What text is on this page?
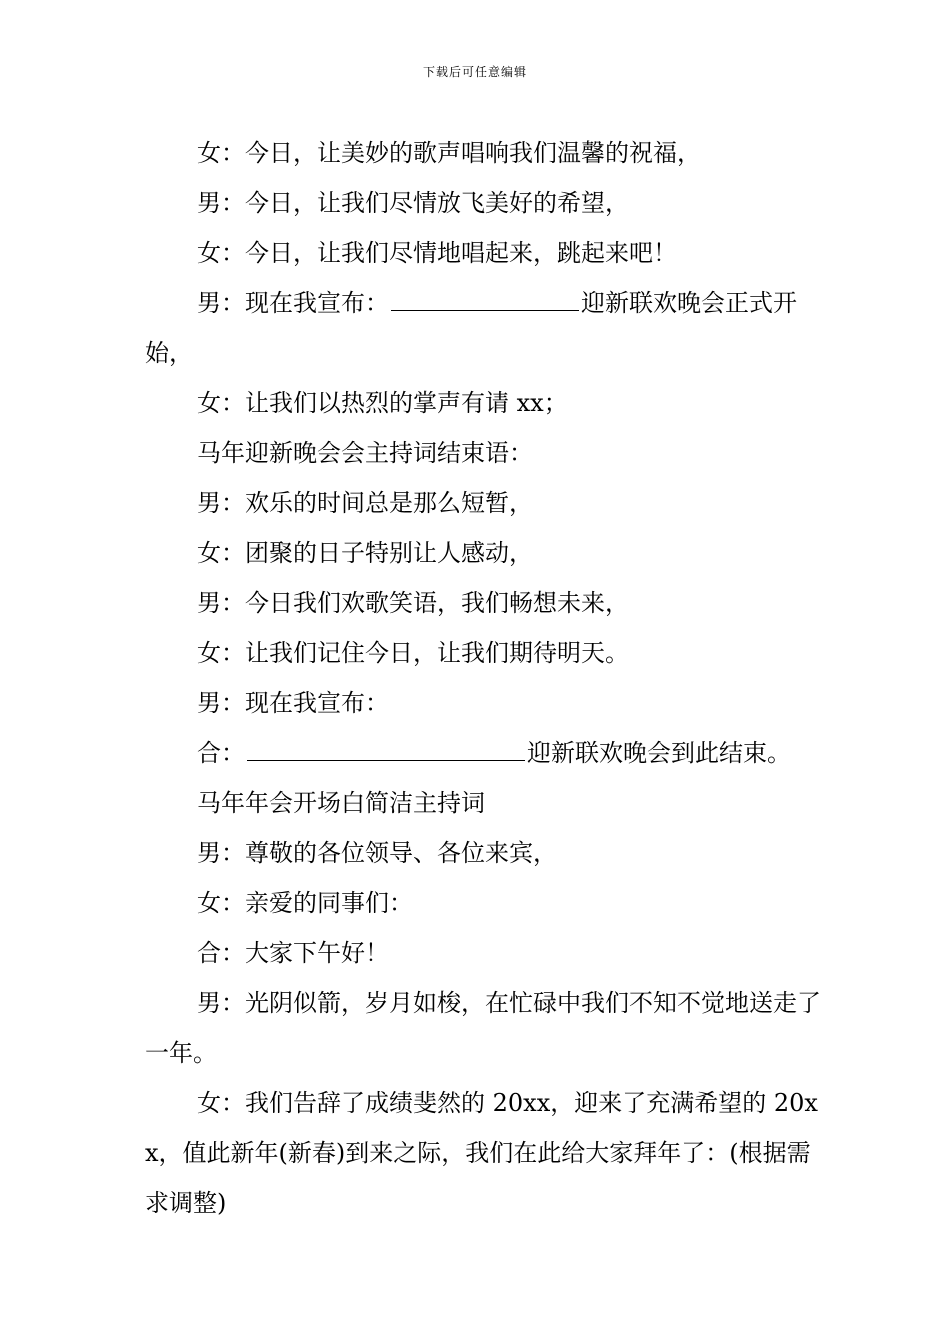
下载后可任意编辑

女：今日，让美妙的歌声唱响我们温馨的祝福，

男：今日，让我们尽情放飞美好的希望，

女：今日，让我们尽情地唱起来，跳起来吧！

男：现在我宣布：	迎新联欢晚会正式开始，

女：让我们以热烈的掌声有请 xx；

马年迎新晚会会主持词结束语：

男：欢乐的时间总是那么短暂，

女：团聚的日子特别让人感动，

男：今日我们欢歌笑语，我们畅想未来，

女：让我们记住今日，让我们期待明天。

男：现在我宣布：

合：	迎新联欢晚会到此结束。

马年年会开场白简洁主持词

男：尊敬的各位领导、各位来宾，

女：亲爱的同事们：

合：大家下午好！

男：光阴似箭，岁月如梭，在忙碌中我们不知不觉地送走了一年。

女：我们告辞了成绩斐然的 20xx，迎来了充满希望的 20xx，值此新年(新春)到来之际，我们在此给大家拜年了：(根据需求调整)
